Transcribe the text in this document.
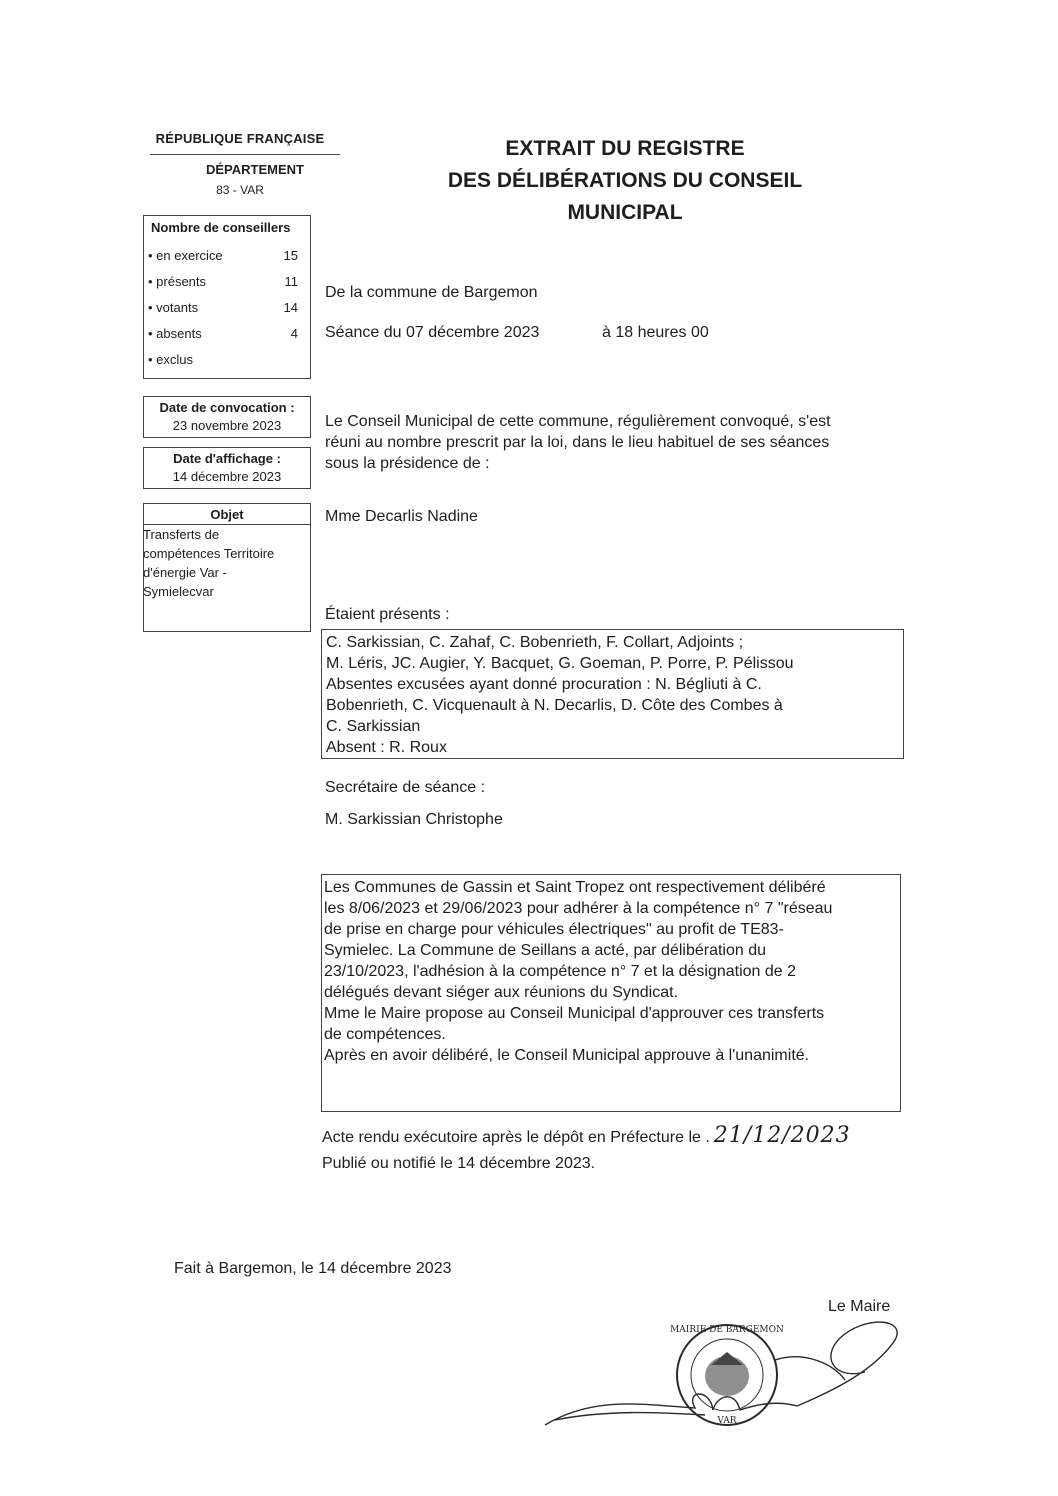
RÉPUBLIQUE FRANÇAISE
DÉPARTEMENT
83 - VAR
EXTRAIT DU REGISTRE
DES DÉLIBÉRATIONS DU CONSEIL
MUNICIPAL
Nombre de conseillers
• en exercice	15
• présents	11
• votants	14
• absents	4
• exclus
Date de convocation :
23 novembre 2023
Date d'affichage :
14 décembre 2023
Objet
Transferts de
compétences Territoire
d'énergie Var -
Symielecvar
De la commune de Bargemon
Séance du 07 décembre 2023	à 18 heures 00
Le Conseil Municipal de cette commune, régulièrement convoqué, s'est
réuni au nombre prescrit par la loi, dans le lieu habituel de ses séances
sous la présidence de :
Mme Decarlis Nadine
Étaient présents :
C. Sarkissian, C. Zahaf, C. Bobenrieth, F. Collart, Adjoints ;
M. Léris, JC. Augier, Y. Bacquet, G. Goeman, P. Porre, P. Pélissou
Absentes excusées ayant donné procuration : N. Bégliuti à C.
Bobenrieth, C. Vicquenault à N. Decarlis, D. Côte des Combes à
C. Sarkissian
Absent : R. Roux
Secrétaire de séance :
M. Sarkissian Christophe
Les Communes de Gassin et Saint Tropez ont respectivement délibéré
les 8/06/2023 et 29/06/2023 pour adhérer à la compétence n° 7 "réseau
de prise en charge pour véhicules électriques" au profit de TE83-
Symielec. La Commune de Seillans a acté, par délibération du
23/10/2023, l'adhésion à la compétence n° 7 et la désignation de 2
délégués devant siéger aux réunions du Syndicat.
Mme le Maire propose au Conseil Municipal d'approuver ces transferts
de compétences.
Après en avoir délibéré, le Conseil Municipal approuve à l'unanimité.
Acte rendu exécutoire après le dépôt en Préfecture le . 21/12/2023
Publié ou notifié le 14 décembre 2023.
Fait à Bargemon, le 14 décembre 2023
Le Maire
MAIRIE DE BARGEMON
VAR
